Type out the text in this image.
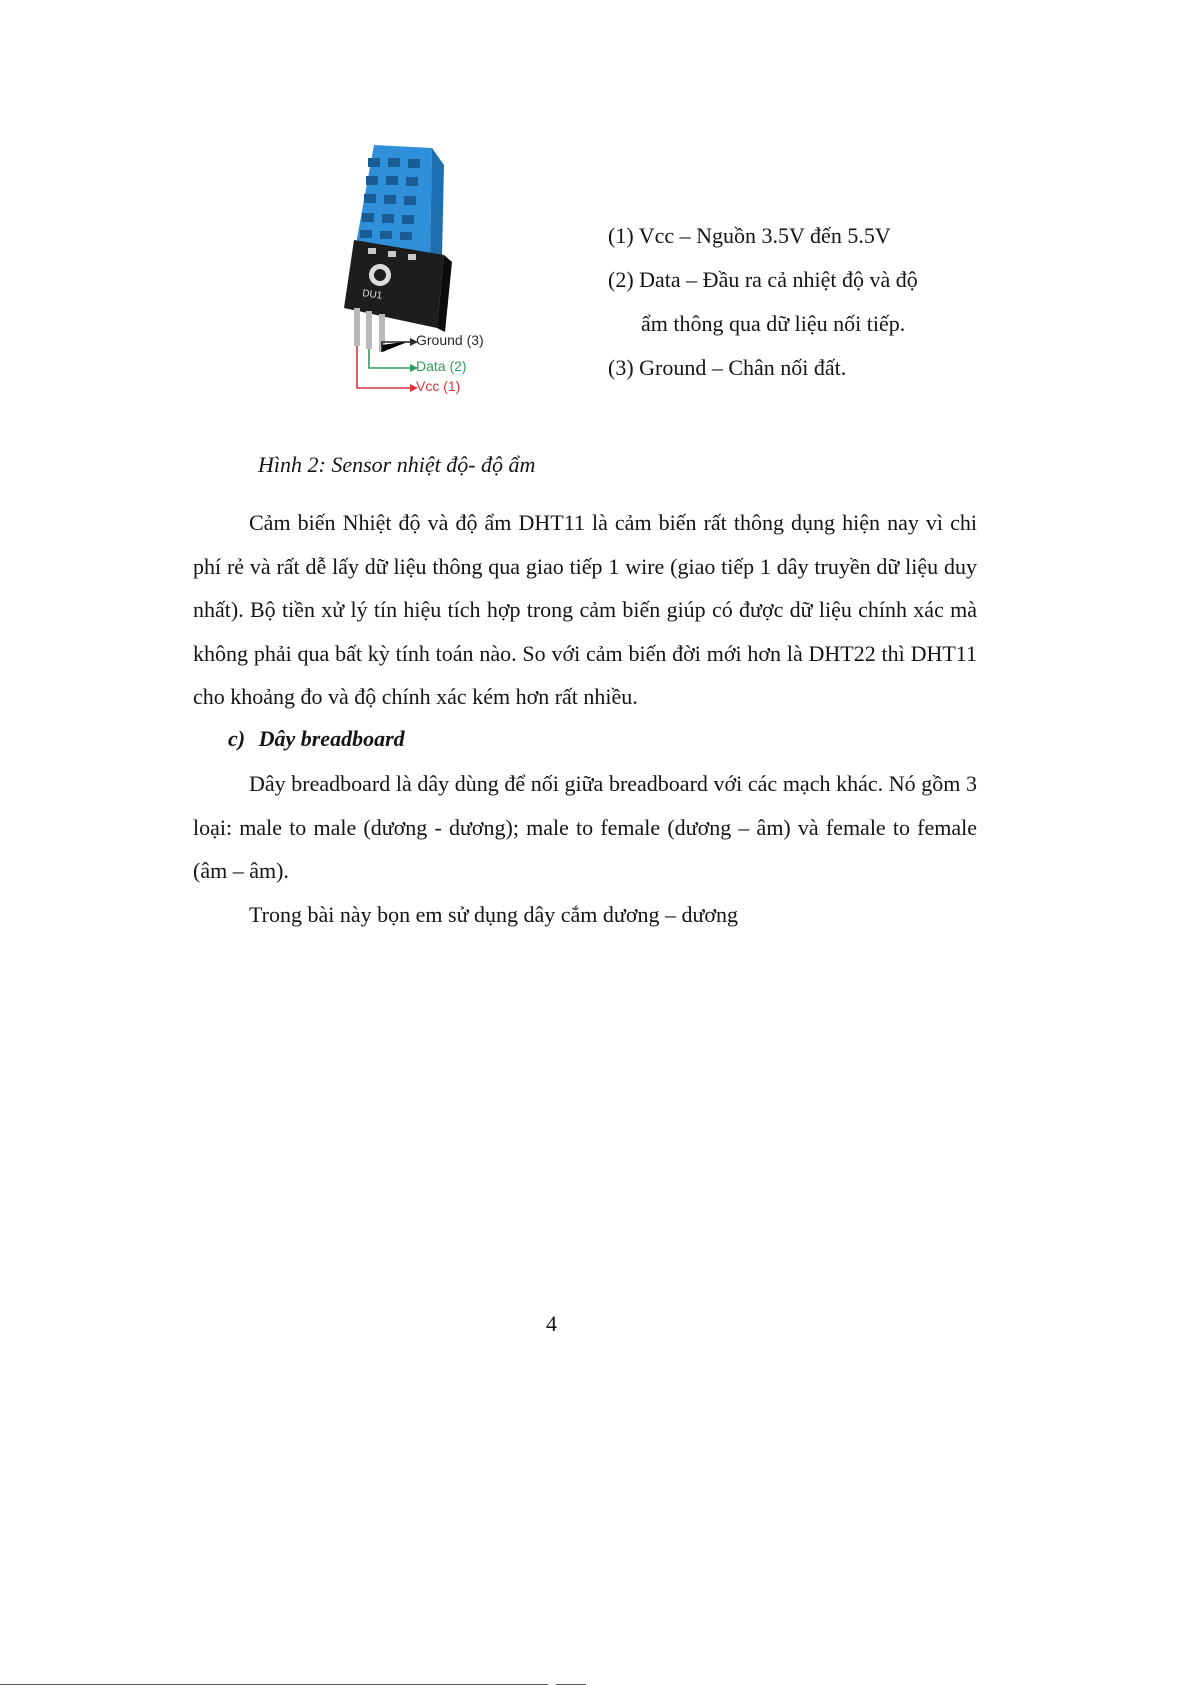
DU1
Ground (3)
Data (2)
Vcc (1)
(1) Vcc – Nguồn 3.5V đến 5.5V
(2) Data – Đầu ra cả nhiệt độ và độ
ẩm thông qua dữ liệu nối tiếp.
(3) Ground – Chân nối đất.
Hình 2: Sensor nhiệt độ- độ ẩm

Cảm biến Nhiệt độ và độ ẩm DHT11 là cảm biến rất thông dụng hiện nay vì chi phí rẻ và rất dễ lấy dữ liệu thông qua giao tiếp 1 wire (giao tiếp 1 dây truyền dữ liệu duy nhất). Bộ tiền xử lý tín hiệu tích hợp trong cảm biến giúp có được dữ liệu chính xác mà không phải qua bất kỳ tính toán nào. So với cảm biến đời mới hơn là DHT22 thì DHT11 cho khoảng đo và độ chính xác kém hơn rất nhiều.

c) Dây breadboard

Dây breadboard là dây dùng để nối giữa breadboard với các mạch khác. Nó gồm 3 loại: male to male (dương - dương); male to female (dương – âm) và female to female (âm – âm).

Trong bài này bọn em sử dụng dây cắm dương – dương

4
